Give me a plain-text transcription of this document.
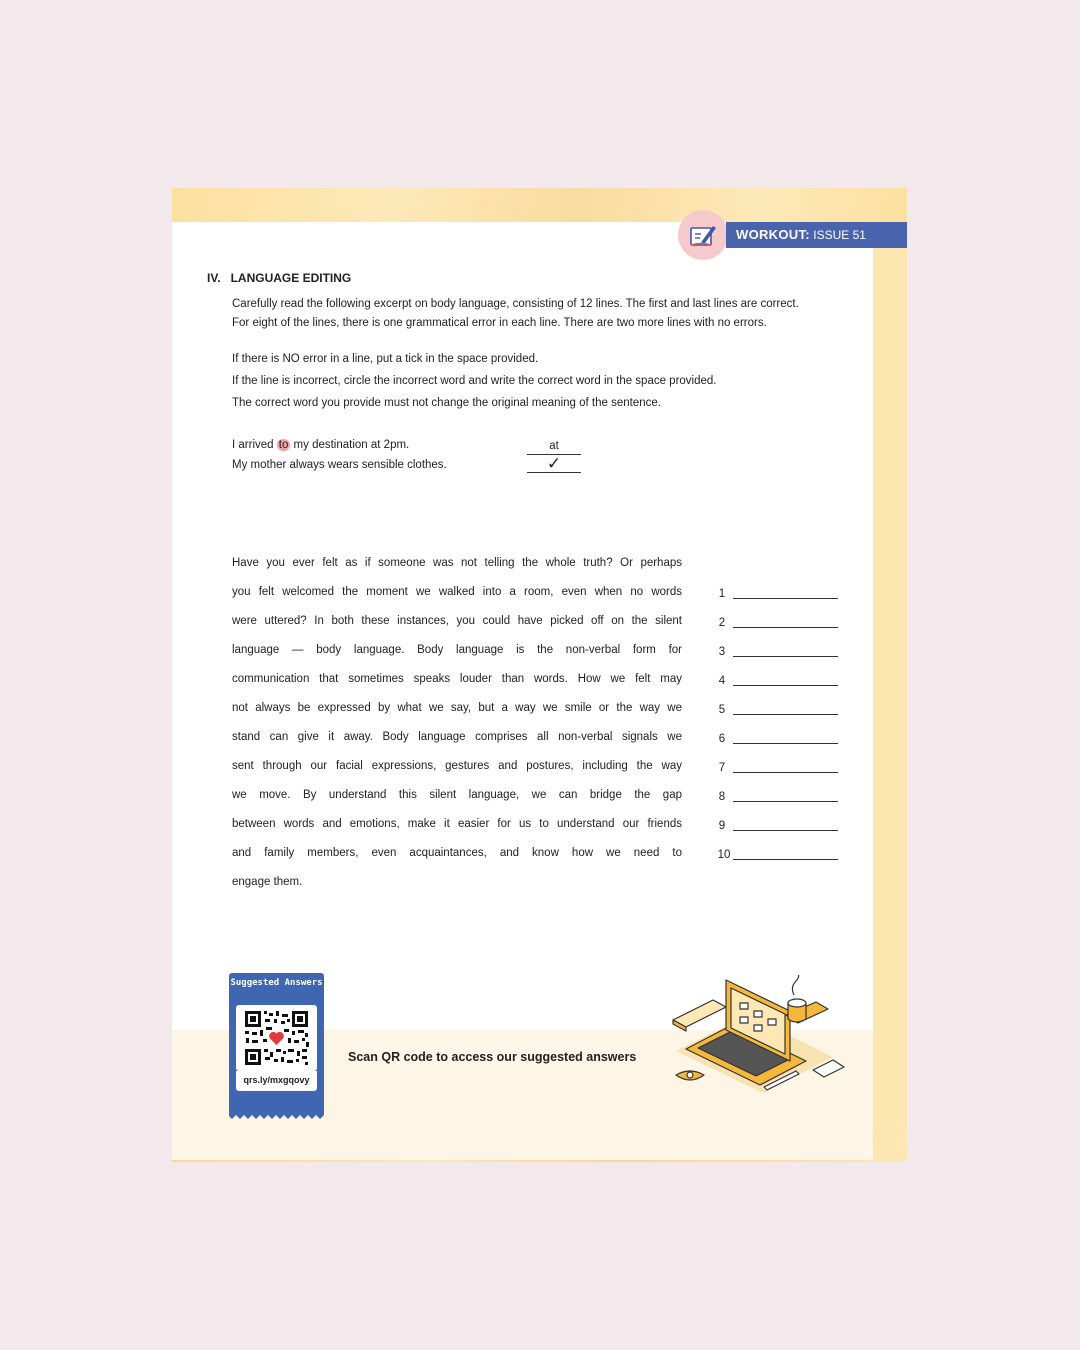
WORKOUT: ISSUE 51
IV. LANGUAGE EDITING
Carefully read the following excerpt on body language, consisting of 12 lines. The first and last lines are correct.
For eight of the lines, there is one grammatical error in each line. There are two more lines with no errors.
If there is NO error in a line, put a tick in the space provided.
If the line is incorrect, circle the incorrect word and write the correct word in the space provided.
The correct word you provide must not change the original meaning of the sentence.
I arrived to my destination at 2pm.	at
My mother always wears sensible clothes.	✓
Have you ever felt as if someone was not telling the whole truth? Or perhaps
you felt welcomed the moment we walked into a room, even when no words
were uttered? In both these instances, you could have picked off on the silent
language — body language. Body language is the non-verbal form for
communication that sometimes speaks louder than words. How we felt may
not always be expressed by what we say, but a way we smile or the way we
stand can give it away. Body language comprises all non-verbal signals we
sent through our facial expressions, gestures and postures, including the way
we move. By understand this silent language, we can bridge the gap
between words and emotions, make it easier for us to understand our friends
and family members, even acquaintances, and know how we need to
engage them.
1
2
3
4
5
6
7
8
9
10
Suggested Answers
qrs.ly/mxgqovy
Scan QR code to access our suggested answers
